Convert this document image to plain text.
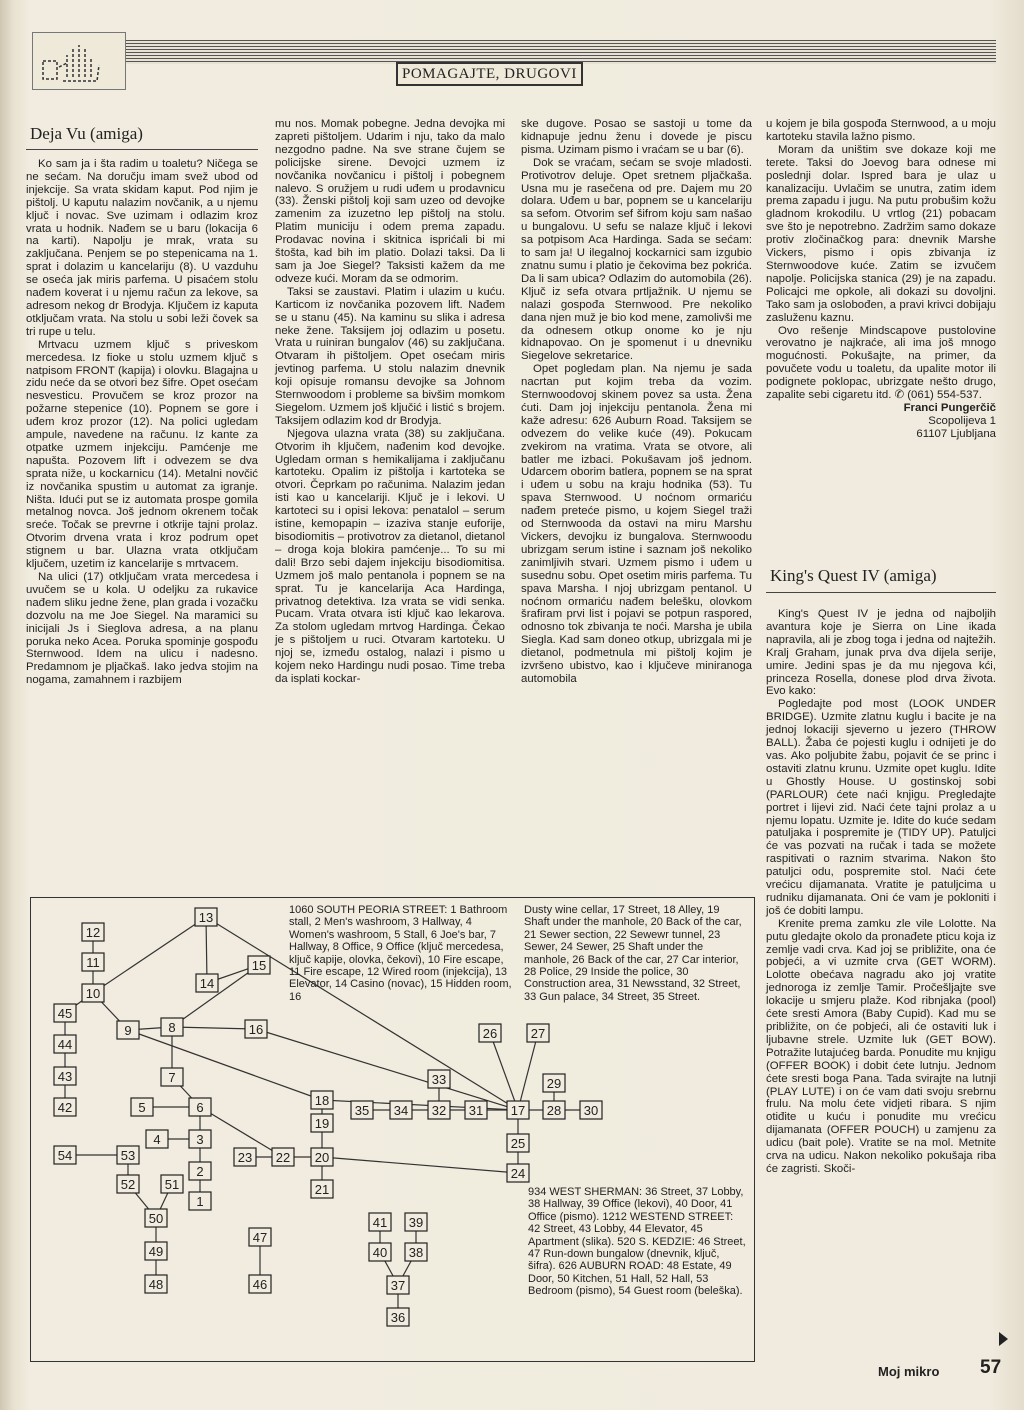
POMAGAJTE, DRUGOVI
Deja Vu (amiga)

Ko sam ja i šta radim u toaletu? Ničega se ne sećam. Na doručju imam svež ubod od injekcije. Sa vrata skidam kaput. Pod njim je pištolj. U kaputu nalazim novčanik, a u njemu ključ i novac. Sve uzimam i odlazim kroz vrata u hodnik. Nađem se u baru (lokacija 6 na karti). Napolju je mrak, vrata su zaključana. Penjem se po stepenicama na 1. sprat i dolazim u kancelariju (8). U vazduhu se oseća jak miris parfema. U pisaćem stolu nađem koverat i u njemu račun za lekove, sa adresom nekog dr Brodyja. Ključem iz kaputa otključam vrata. Na stolu u sobi leži čovek sa tri rupe u telu.

Mrtvacu uzmem ključ s priveskom mercedesa. Iz fioke u stolu uzmem ključ s natpisom FRONT (kapija) i olovku. Blagajna u zidu neće da se otvori bez šifre. Opet osećam nesvesticu. Provučem se kroz prozor na požarne stepenice (10). Popnem se gore i uđem kroz prozor (12). Na polici ugledam ampule, navedene na računu. Iz kante za otpatke uzmem injekciju. Pamćenje me napušta. Pozovem lift i odvezem se dva sprata niže, u kockarnicu (14). Metalni novčić iz novčanika spustim u automat za igranje. Ništa. Idući put se iz automata prospe gomila metalnog novca. Još jednom okrenem točak sreće. Točak se prevrne i otkrije tajni prolaz. Otvorim drvena vrata i kroz podrum opet stignem u bar. Ulazna vrata otključam ključem, uzetim iz kancelarije s mrtvacem.

Na ulici (17) otključam vrata mercedesa i uvučem se u kola. U odeljku za rukavice nađem sliku jedne žene, plan grada i vozačku dozvolu na me Joe Siegel. Na maramici su inicijali Js i Sieglova adresa, a na planu poruka neko Acea. Poruka spominje gospođu Sternwood. Idem na ulicu i nadesno. Predamnom je pljačkaš. Iako jedva stojim na nogama, zamahnem i razbijem

mu nos. Momak pobegne. Jedna devojka mi zapreti pištoljem. Udarim i nju, tako da malo nezgodno padne. Na sve strane čujem se policijske sirene. Devojci uzmem iz novčanika novčanicu i pištolj i pobegnem nalevo. S oružjem u rudi uđem u prodavnicu (33). Ženski pištolj koji sam uzeo od devojke zamenim za izuzetno lep pištolj na stolu. Platim municiju i odem prema zapadu. Prodavac novina i skitnica isprićali bi mi štošta, kad bih im platio. Dolazi taksi. Da li sam ja Joe Siegel? Taksisti kažem da me odveze kući. Moram da se odmorim.

Taksi se zaustavi. Platim i ulazim u kuću. Karticom iz novčanika pozovem lift. Nađem se u stanu (45). Na kaminu su slika i adresa neke žene. Taksijem joj odlazim u posetu. Vrata u ruiniran bungalov (46) su zaključana. Otvaram ih pištoljem. Opet osećam miris jevtinog parfema. U stolu nalazim dnevnik koji opisuje romansu devojke sa Johnom Sternwoodom i probleme sa bivšim momkom Siegelom. Uzmem još ključić i listić s brojem. Taksijem odlazim kod dr Brodyja.

Njegova ulazna vrata (38) su zaključana. Otvorim ih ključem, nađenim kod devojke. Ugledam orman s hemikalijama i zaključanu kartoteku. Opalim iz pištolja i kartoteka se otvori. Čeprkam po računima. Nalazim jedan isti kao u kancelariji. Ključ je i lekovi. U kartoteci su i opisi lekova: penatalol – serum istine, kemopapin – izaziva stanje euforije, bisodiomitis – protivotrov za dietanol, dietanol – droga koja blokira pamćenje... To su mi dali! Brzo sebi dajem injekciju bisodiomitisa. Uzmem još malo pentanola i popnem se na sprat. Tu je kancelarija Aca Hardinga, privatnog detektiva. Iza vrata se vidi senka. Pucam. Vrata otvara isti ključ kao lekarova. Za stolom ugledam mrtvog Hardinga. Čekao je s pištoljem u ruci. Otvaram kartoteku. U njoj se, između ostalog, nalazi i pismo u kojem neko Hardingu nudi posao. Time treba da isplati kockar-

ske dugove. Posao se sastoji u tome da kidnapuje jednu ženu i dovede je piscu pisma. Uzimam pismo i vraćam se u bar (6).

Dok se vraćam, sećam se svoje mladosti. Protivotrov deluje. Opet sretnem pljačkaša. Usna mu je rasečena od pre. Dajem mu 20 dolara. Uđem u bar, popnem se u kancelariju sa sefom. Otvorim sef šifrom koju sam našao u bungalovu. U sefu se nalaze ključ i lekovi sa potpisom Aca Hardinga. Sada se sećam: to sam ja! U ilegalnoj kockarnici sam izgubio znatnu sumu i platio je čekovima bez pokrića. Da li sam ubica? Odlazim do automobila (26). Ključ iz sefa otvara prtljažnik. U njemu se nalazi gospođa Sternwood. Pre nekoliko dana njen muž je bio kod mene, zamolivši me da odnesem otkup onome ko je nju kidnapovao. On je spomenut i u dnevniku Siegelove sekretarice.

Opet pogledam plan. Na njemu je sada nacrtan put kojim treba da vozim. Sternwoodovoj skinem povez sa usta. Žena ćuti. Dam joj injekciju pentanola. Žena mi kaže adresu: 626 Auburn Road. Taksijem se odvezem do velike kuće (49). Pokucam zvekirom na vratima. Vrata se otvore, ali batler me izbaci. Pokušavam još jednom. Udarcem oborim batlera, popnem se na sprat i uđem u sobu na kraju hodnika (53). Tu spava Sternwood. U noćnom ormariću nađem preteće pismo, u kojem Siegel traži od Sternwooda da ostavi na miru Marshu Vickers, devojku iz bungalova. Sternwoodu ubrizgam serum istine i saznam još nekoliko zanimljivih stvari. Uzmem pismo i uđem u susednu sobu. Opet osetim miris parfema. Tu spava Marsha. I njoj ubrizgam pentanol. U noćnom ormariću nađem belešku, olovkom šrafiram prvi list i pojavi se potpun raspored, odnosno tok zbivanja te noći. Marsha je ubila Siegla. Kad sam doneo otkup, ubrizgala mi je dietanol, podmetnula mi pištolj kojim je izvršeno ubistvo, kao i ključeve miniranoga automobila

u kojem je bila gospođa Sternwood, a u moju kartoteku stavila lažno pismo.

Moram da uništim sve dokaze koji me terete. Taksi do Joevog bara odnese mi poslednji dolar. Ispred bara je ulaz u kanalizaciju. Uvlačim se unutra, zatim idem prema zapadu i jugu. Na putu probušim kožu gladnom krokodilu. U vrtlog (21) pobacam sve što je nepotrebno. Zadržim samo dokaze protiv zločinačkog para: dnevnik Marshe Vickers, pismo i opis zbivanja iz Sternwoodove kuće. Zatim se izvučem napolje. Policijska stanica (29) je na zapadu. Policajci me opkole, ali dokazi su dovoljni. Tako sam ja oslobođen, a pravi krivci dobijaju zasluženu kaznu.

Ovo rešenje Mindscapove pustolovine verovatno je najkraće, ali ima još mnogo mogućnosti. Pokušajte, na primer, da povučete vodu u toaletu, da upalite motor ili podignete poklopac, ubrizgate nešto drugo, zapalite sebi cigaretu itd. ✆ (061) 554-537.

Franci Pungerčič
Scopolijeva 1
61107 Ljubljana
King's Quest IV (amiga)

King's Quest IV je jedna od najboljih avantura koje je Sierra on Line ikada napravila, ali je zbog toga i jedna od najtežih. Kralj Graham, junak prva dva dijela serije, umire. Jedini spas je da mu njegova kći, princeza Rosella, donese plod drva života. Evo kako:

Pogledajte pod most (LOOK UNDER BRIDGE). Uzmite zlatnu kuglu i bacite je na jednoj lokaciji sjeverno u jezero (THROW BALL). Žaba će pojesti kuglu i odnijeti je do vas. Ako poljubite žabu, pojavit će se princ i ostaviti zlatnu krunu. Uzmite opet kuglu. Idite u Ghostly House. U gostinskoj sobi (PARLOUR) ćete naći knjigu. Pregledajte portret i lijevi zid. Naći ćete tajni prolaz a u njemu lopatu. Uzmite je. Idite do kuće sedam patuljaka i pospremite je (TIDY UP). Patuljci će vas pozvati na ručak i tada se možete raspitivati o raznim stvarima. Nakon što patuljci odu, pospremite stol. Naći ćete vrećicu dijamanata. Vratite je patuljcima u rudniku dijamanata. Oni će vam je pokloniti i još će dobiti lampu.

Krenite prema zamku zle vile Lolotte. Na putu gledajte okolo da pronađete pticu koja iz zemlje vadi crva. Kad joj se približite, ona će pobjeći, a vi uzmite crva (GET WORM). Lolotte obećava nagradu ako joj vratite jednoroga iz zemlje Tamir. Pročešljajte sve lokacije u smjeru plaže. Kod ribnjaka (pool) ćete sresti Amora (Baby Cupid). Kad mu se približite, on će pobjeći, ali će ostaviti luk i ljubavne strele. Uzmite luk (GET BOW). Potražite lutajućeg barda. Ponudite mu knjigu (OFFER BOOK) i dobit ćete lutnju. Jednom ćete sresti boga Pana. Tada svirajte na lutnji (PLAY LUTE) i on će vam dati svoju srebrnu frulu. Na molu ćete vidjeti ribara. S njim otiđite u kuću i ponudite mu vrećicu dijamanata (OFFER POUCH) u zamjenu za udicu (bait pole). Vratite se na mol. Metnite crva na udicu. Nakon nekoliko pokušaja riba će zagristi. Skoči-

1
2
3
4
5	6
7
8
9
10
11
12
13
14
15
16
17
18
19
20
21
22
23
24
25
26	27
28
29
30
31
32
33
34
35
36
37
38
39
40
41
42
43
44
45
46
47
48
49
50
51
52
53
54
1060 SOUTH PEORIA STREET: 1 Bathroom stall, 2 Men's washroom, 3 Hallway, 4 Women's washroom, 5 Stall, 6 Joe's bar, 7 Hallway, 8 Office, 9 Office (ključ mercedesa, ključ kapije, olovka, čekovi), 10 Fire escape, 11 Fire escape, 12 Wired room (injekcija), 13 Elevator, 14 Casino (novac), 15 Hidden room, 16
Dusty wine cellar, 17 Street, 18 Alley, 19 Shaft under the manhole, 20 Back of the car, 21 Sewer section, 22 Sewewr tunnel, 23 Sewer, 24 Sewer, 25 Shaft under the manhole, 26 Back of the car, 27 Car interior, 28 Police, 29 Inside the police, 30 Construction area, 31 Newsstand, 32 Street, 33 Gun palace, 34 Street, 35 Street.
934 WEST SHERMAN: 36 Street, 37 Lobby, 38 Hallway, 39 Office (lekovi), 40 Door, 41 Office (pismo). 1212 WESTEND STREET: 42 Street, 43 Lobby, 44 Elevator, 45 Apartment (slika). 520 S. KEDZIE: 46 Street, 47 Run-down bungalow (dnevnik, ključ, šifra). 626 AUBURN ROAD: 48 Estate, 49 Door, 50 Kitchen, 51 Hall, 52 Hall, 53 Bedroom (pismo), 54 Guest room (beleška).
Moj mikro 57
